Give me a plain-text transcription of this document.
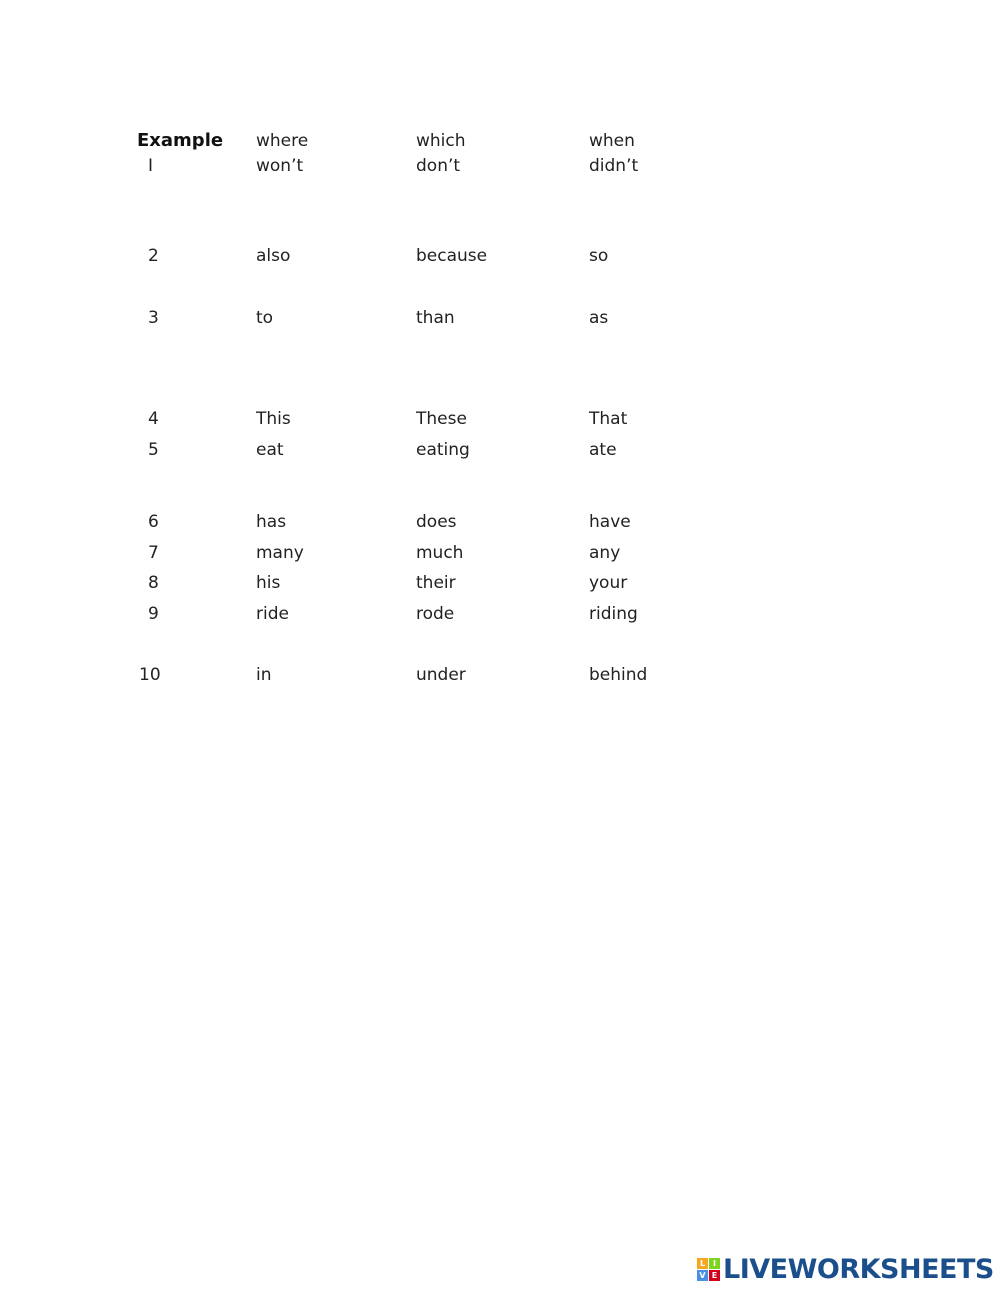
Example where	which	when
I	won’t	don’t	didn’t
2	also	because	so
3	to	than	as
4	This	These	That
5	eat	eating	ate
6	has	does	have
7	many	much	any
8	his	their	your
9	ride	rode	riding
10	in	under	behind
L I
V E LIVEWORKSHEETS
